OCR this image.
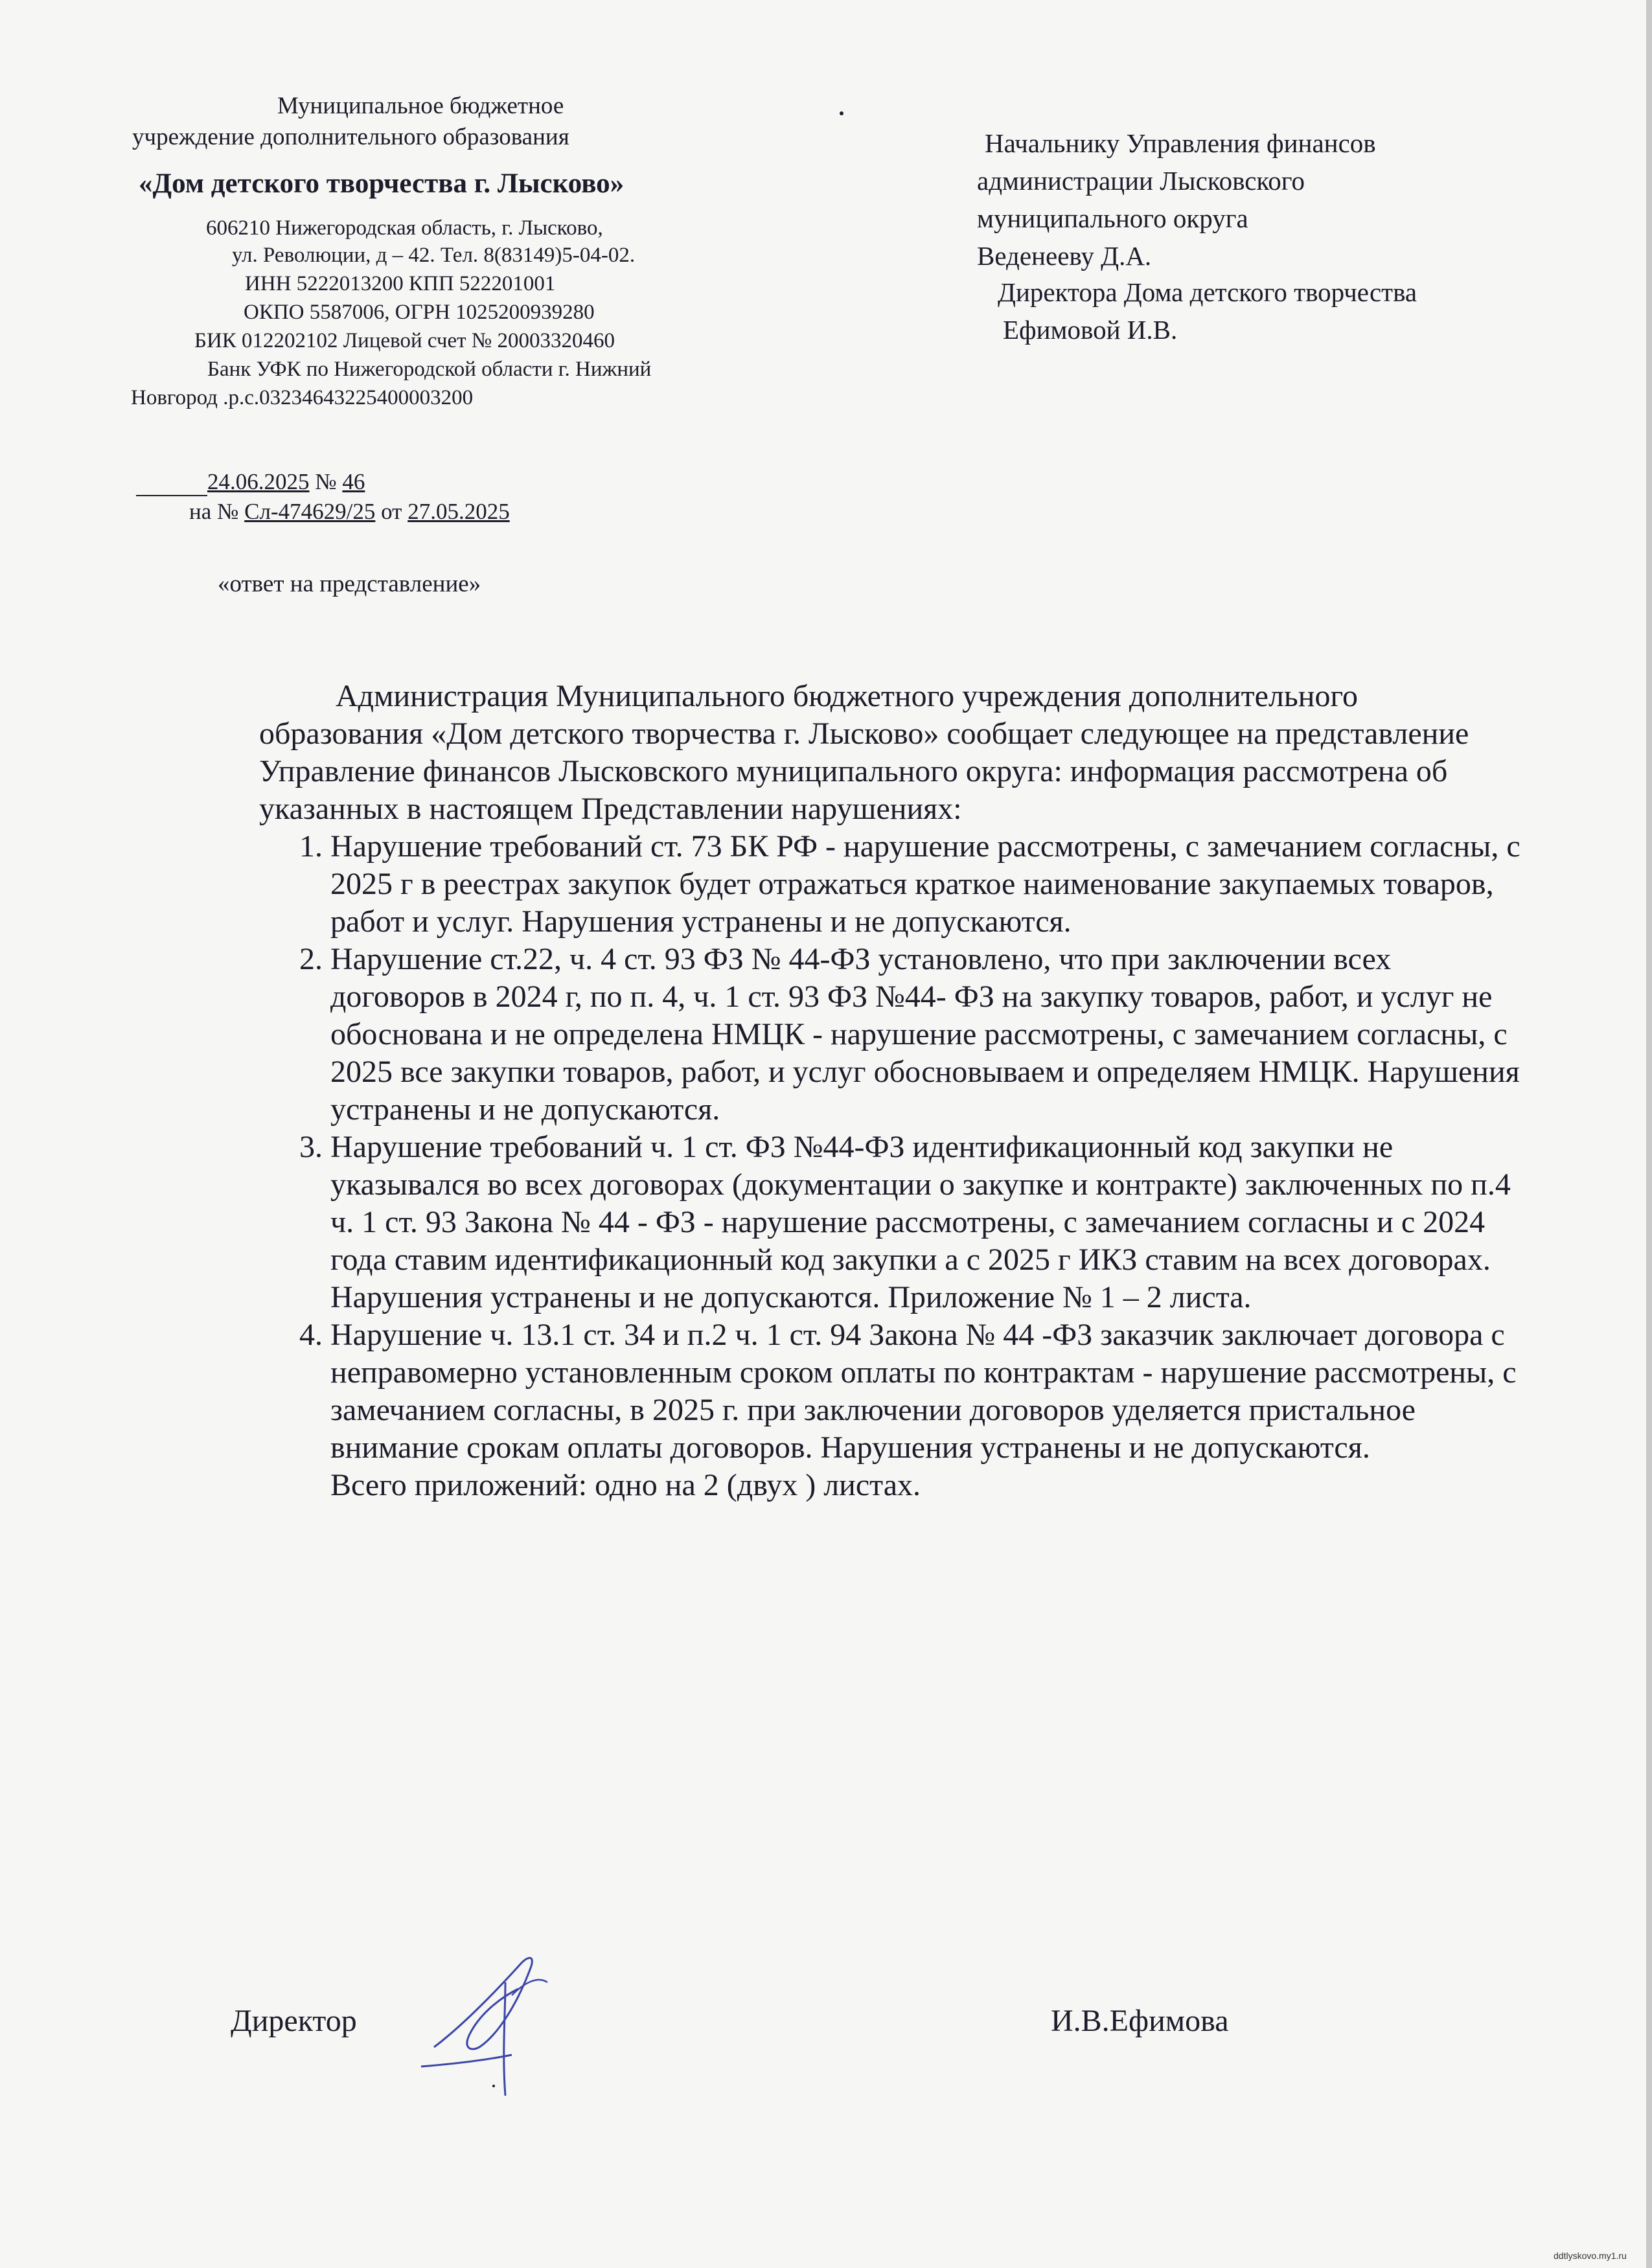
Муниципальное бюджетное
учреждение дополнительного образования
«Дом детского творчества г. Лысково»
606210 Нижегородская область, г. Лысково,
ул. Революции, д – 42. Тел. 8(83149)5-04-02.
ИНН 5222013200 КПП 522201001
ОКПО 5587006, ОГРН 1025200939280
БИК 012202102 Лицевой счет № 20003320460
Банк УФК по Нижегородской области г. Нижний
Новгород .р.с.03234643225400003200
24.06.2025 № 46
на № Сл-474629/25 от 27.05.2025
«ответ на представление»
Начальнику Управления финансов
администрации Лысковского
муниципального округа
Веденееву Д.А.
Директора Дома детского творчества
Ефимовой И.В.

Администрация Муниципального бюджетного учреждения дополнительного образования «Дом детского творчества г. Лысково» сообщает следующее на представление Управление финансов Лысковского муниципального округа: информация рассмотрена об указанных в настоящем Представлении нарушениях:

1. Нарушение требований ст. 73 БК РФ - нарушение рассмотрены, с замечанием согласны, с 2025 г в реестрах закупок будет отражаться краткое наименование закупаемых товаров, работ и услуг. Нарушения устранены и не допускаются.
2. Нарушение ст.22, ч. 4 ст. 93 ФЗ № 44-ФЗ установлено, что при заключении всех договоров в 2024 г, по п. 4, ч. 1 ст. 93 ФЗ №44- ФЗ на закупку товаров, работ, и услуг не обоснована и не определена НМЦК - нарушение рассмотрены, с замечанием согласны, с 2025 все закупки товаров, работ, и услуг обосновываем и определяем НМЦК. Нарушения устранены и не допускаются.
3. Нарушение требований ч. 1 ст. ФЗ №44-ФЗ идентификационный код закупки не указывался во всех договорах (документации о закупке и контракте) заключенных по п.4 ч. 1 ст. 93 Закона № 44 - ФЗ - нарушение рассмотрены, с замечанием согласны и с 2024 года ставим идентификационный код закупки а с 2025 г ИКЗ ставим на всех договорах. Нарушения устранены и не допускаются. Приложение № 1 – 2 листа.
4. Нарушение ч. 13.1 ст. 34 и п.2 ч. 1 ст. 94 Закона № 44 -ФЗ заказчик заключает договора с неправомерно установленным сроком оплаты по контрактам - нарушение рассмотрены, с замечанием согласны, в 2025 г. при заключении договоров уделяется пристальное внимание срокам оплаты договоров. Нарушения устранены и не допускаются.
Всего приложений: одно на 2 (двух ) листах.
Директор	И.В.Ефимова
ddtlyskovo.my1.ru
